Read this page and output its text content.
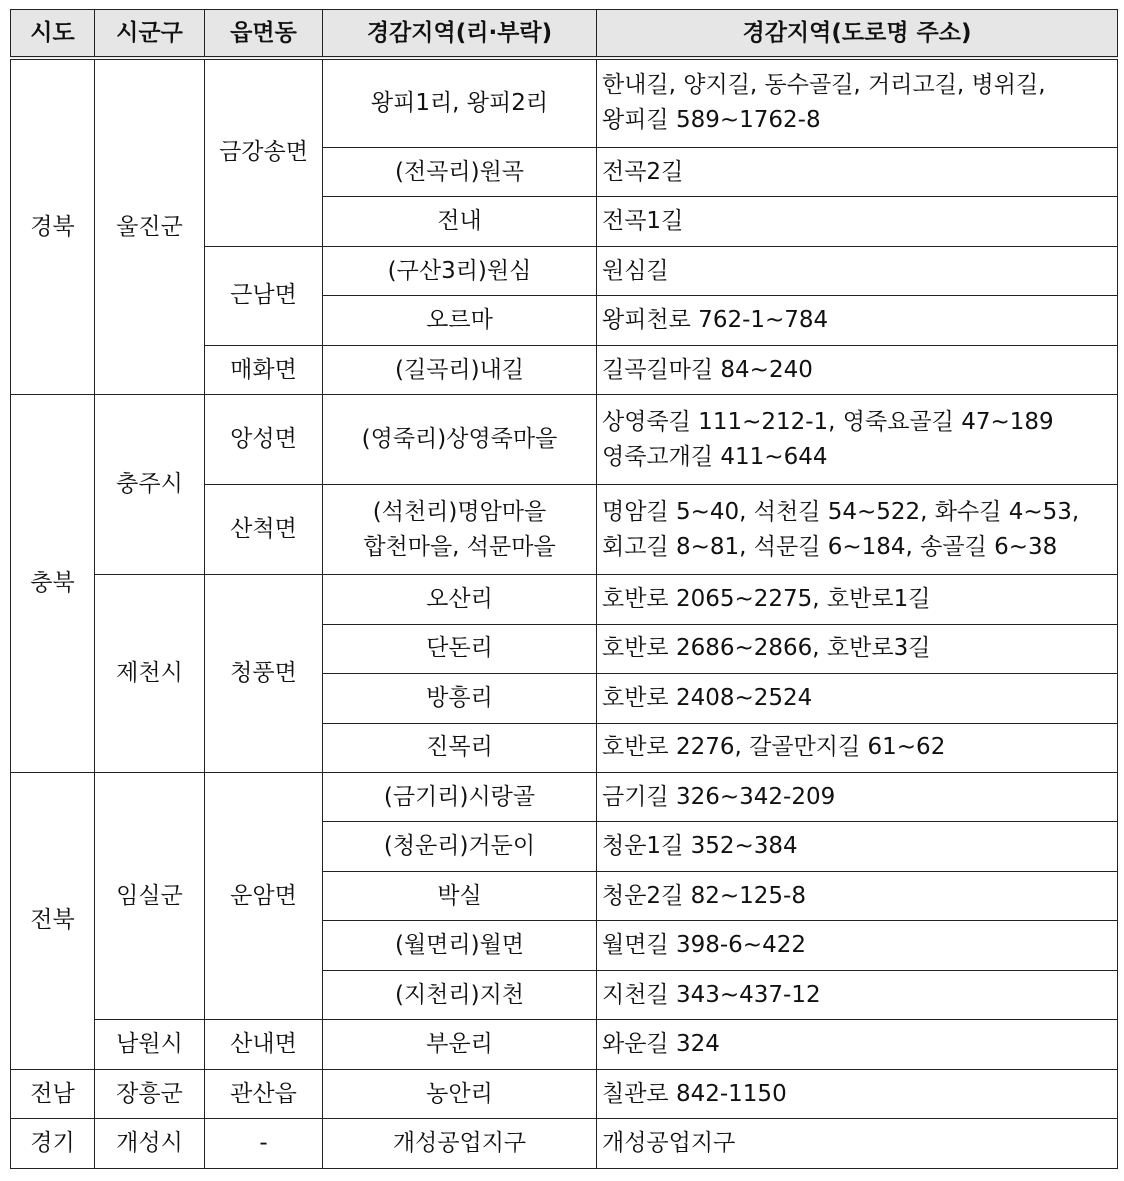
시도	시군구	읍면동	경감지역(리·부락)	경감지역(도로명 주소)
경북	울진군	금강송면	왕피1리, 왕피2리	한내길, 양지길, 동수골길, 거리고길, 병위길,
왕피길 589~1762-8

			(전곡리)원곡	전곡2길
			전내	전곡1길
		근남면	(구산3리)원심	원심길
			오르마	왕피천로 762-1~784
		매화면	(길곡리)내길	길곡길마길 84~240
충북	충주시	앙성면	(영죽리)상영죽마을	상영죽길 111~212-1, 영죽요골길 47~189
영죽고개길 411~644

		산척면	(석천리)명암마을
합천마을, 석문마을	명암길 5~40, 석천길 54~522, 화수길 4~53,
회고길 8~81, 석문길 6~184, 송골길 6~38

	제천시	청풍면	오산리	호반로 2065~2275, 호반로1길
			단돈리	호반로 2686~2866, 호반로3길
			방흥리	호반로 2408~2524
			진목리	호반로 2276, 갈골만지길 61~62
전북	임실군	운암면	(금기리)시랑골	금기길 326~342-209
			(청운리)거둔이	청운1길 352~384
			박실	청운2길 82~125-8
			(월면리)월면	월면길 398-6~422
			(지천리)지천	지천길 343~437-12
	남원시	산내면	부운리	와운길 324
전남	장흥군	관산읍	농안리	칠관로 842-1150
경기	개성시	-	개성공업지구	개성공업지구
